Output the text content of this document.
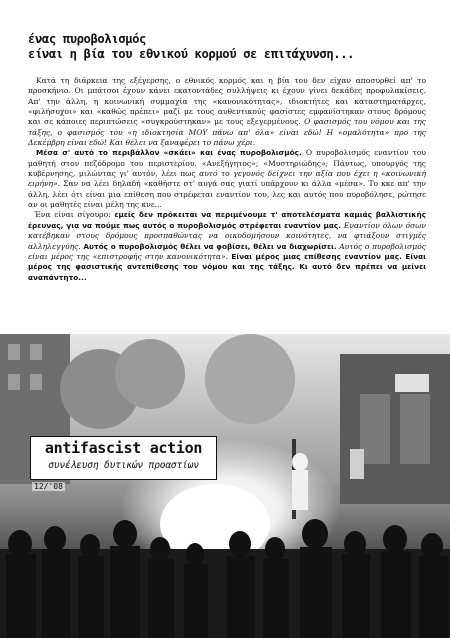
ένας πυροβολισμός
είναι η βία του εθνικού κορμού σε επιτάχυνση...

Κατά τη διάρκεια της εξέγερσης, ο εθνικός κορμός και η βία του δεν είχαν αποσυρθεί απ' το προσκήνιο. Οι μπάτσοι έχουν κάνει εκατοντάδες συλλήψεις κι έχουν γίνει δεκάδες προφυλακίσεις. Απ' την άλλη, η κοινωνική συμμαχία της «κανονικότητας», ιδιοκτήτες και καταστηματάρχες, «φιλήσυχοι» και «καθώς πρέπει» μαζί με τους αυθεντικούς φασίστες εμφανίστηκαν στους δρόμους και σε κάποιες περιπτώσεις «συγκρούστηκαν» με τους εξεγερμένους. Ο φασισμός του νόμου και της τάξης, ο φασισμός του «η ιδιοκτησία ΜΟΥ πάνω απ' όλα» είναι εδώ! Η «ομαλότητα» προ της Δεκέμβρη είναι εδώ! Και θέλει να ξαναφέρει το πάνω χέρι.

Μέσα σ' αυτό το περιβάλλον «σκάει» και ένας πυροβολισμός. Ο πυροβολισμός εναντίον του μαθητή στον πεζόδρομο του περιστερίου. «Ανεξήγητος»; «Μυστηριώδης»; Πάντως, υπουργός της κυβέρνησης, μιλώντας γι' αυτόν, λέει πως αυτό το γεγονός δείχνει την αξία που έχει η «κοινωνική ειρήνη». Σαν να λέει δηλαδή «καθήστε στ' αυγά σας γιατί υπάρχουν κι άλλα «μέσα». Το κκε απ' την άλλη, λέει ότι είναι μια επίθεση που στρέφεται εναντίον του, λες και αυτός που πυροβόλησε, ρώτησε αν οι μαθητές είναι μέλη της κνε...

Ένα είναι σίγουρο: εμείς δεν πρόκειται να περιμένουμε τ' αποτελέσματα καμιάς βαλλιστικής έρευνας, για να πούμε πως αυτός ο πυροβολισμός στρέφεται εναντίον μας. Εναντίον όλων όσων κατέβηκαν στους δρόμους προσπαθώντας να οικοδομήσουν κοινότητες, να φτιάξουν στιγμές αλληλεγγύης. Αυτός ο πυροβολισμός θέλει να φοβίσει, θέλει να διαχωρίσει. Αυτός ο πυροβολισμός είναι μέρος της «επιστροφής στην κανονικότητα». Είναι μέρος μιας επίθεσης εναντίον μας. Είναι μέρος της φασιστικής αντεπίθεσης του νόμου και της τάξης. Κι αυτό δεν πρέπει να μείνει αναπάντητο...

antifascist action
συνέλευση δυτικών προαστίων
12/'08
